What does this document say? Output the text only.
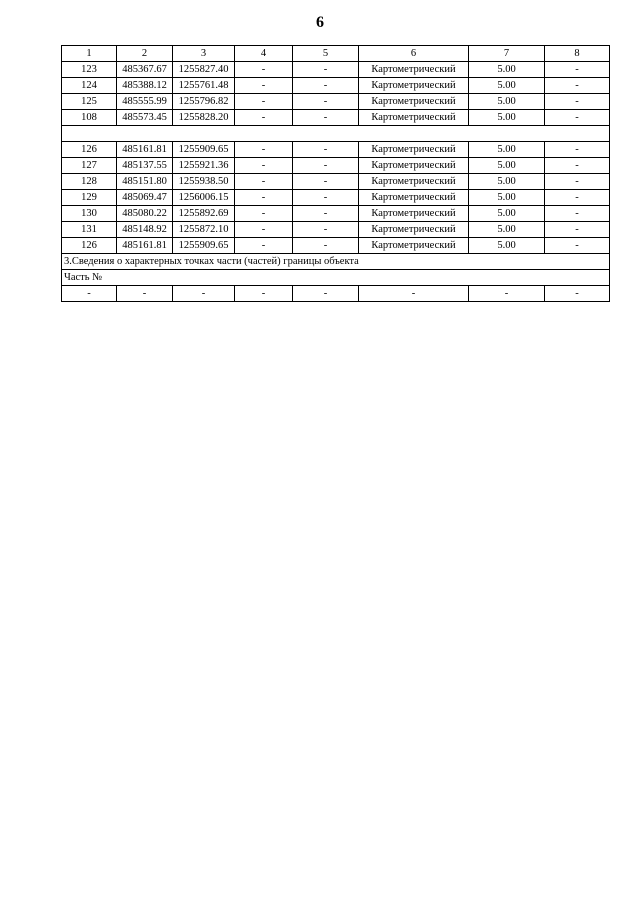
6
1	2	3	4	5	6	7	8
123	485367.67	1255827.40	-	-	Картометрический	5.00	-
124	485388.12	1255761.48	-	-	Картометрический	5.00	-
125	485555.99	1255796.82	-	-	Картометрический	5.00	-
108	485573.45	1255828.20	-	-	Картометрический	5.00	-

126	485161.81	1255909.65	-	-	Картометрический	5.00	-
127	485137.55	1255921.36	-	-	Картометрический	5.00	-
128	485151.80	1255938.50	-	-	Картометрический	5.00	-
129	485069.47	1256006.15	-	-	Картометрический	5.00	-
130	485080.22	1255892.69	-	-	Картометрический	5.00	-
131	485148.92	1255872.10	-	-	Картометрический	5.00	-
126	485161.81	1255909.65	-	-	Картометрический	5.00	-
3.Сведения о характерных точках части (частей) границы объекта							
Часть №							
-	-	-	-	-	-	-	-
